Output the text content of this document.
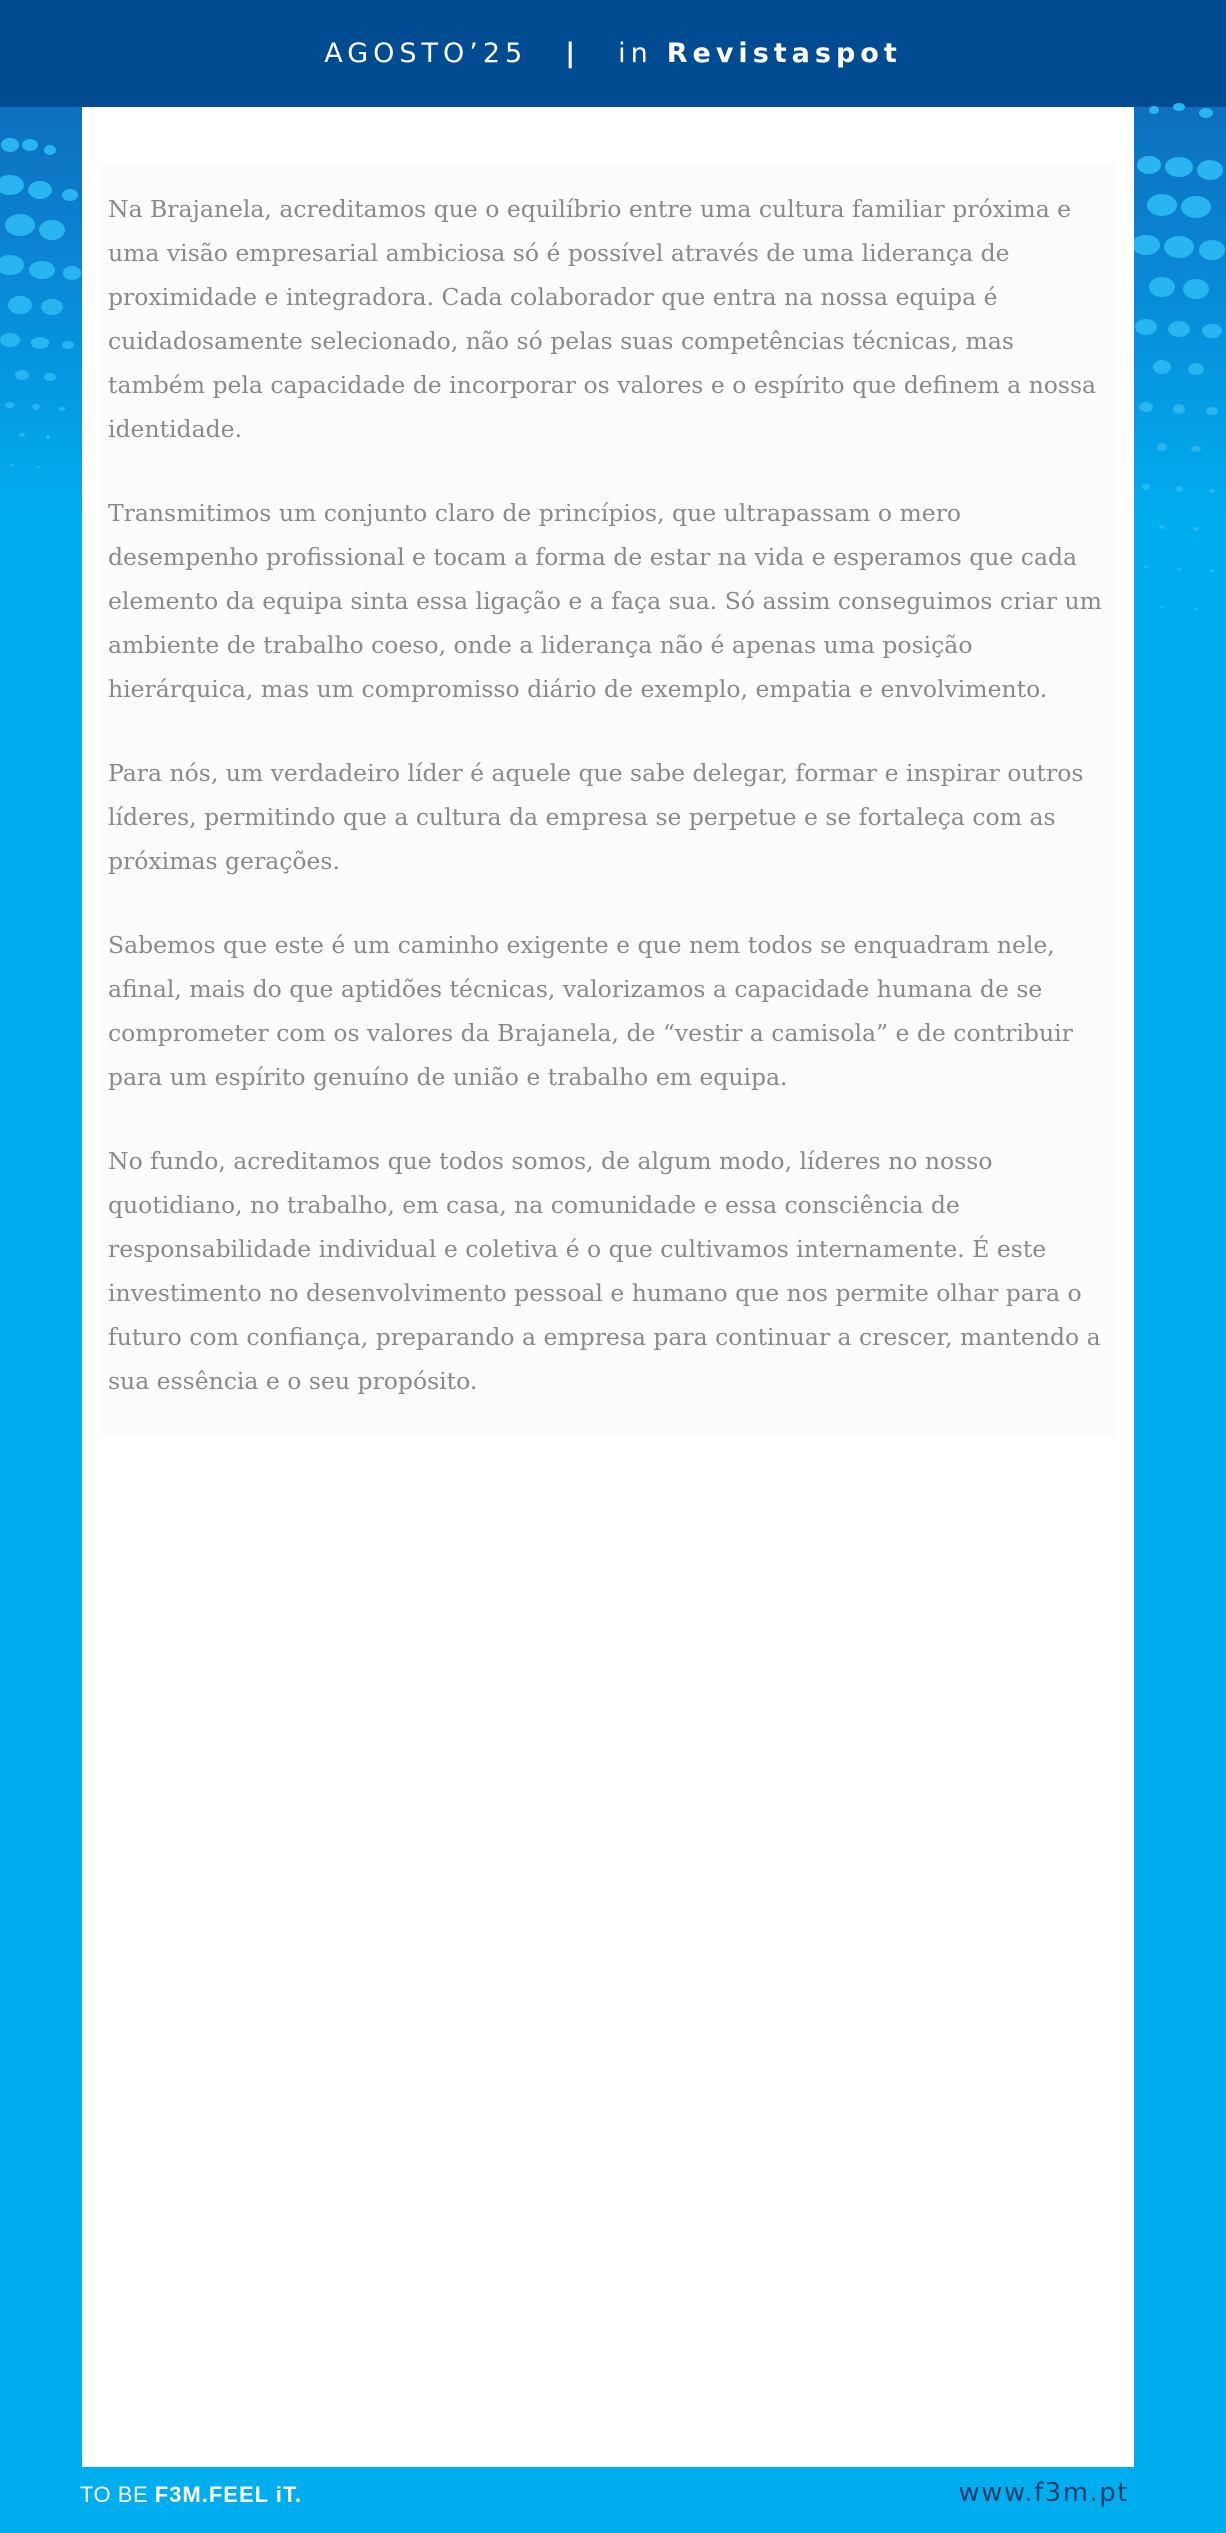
AGOSTO’25 | in Revistaspot

Na Brajanela, acreditamos que o equilíbrio entre uma cultura familiar próxima e uma visão empresarial ambiciosa só é possível através de uma liderança de proximidade e integradora. Cada colaborador que entra na nossa equipa é cuidadosamente selecionado, não só pelas suas competências técnicas, mas também pela capacidade de incorporar os valores e o espírito que definem a nossa identidade.

Transmitimos um conjunto claro de princípios, que ultrapassam o mero desempenho profissional e tocam a forma de estar na vida e esperamos que cada elemento da equipa sinta essa ligação e a faça sua. Só assim conseguimos criar um ambiente de trabalho coeso, onde a liderança não é apenas uma posição hierárquica, mas um compromisso diário de exemplo, empatia e envolvimento.

Para nós, um verdadeiro líder é aquele que sabe delegar, formar e inspirar outros líderes, permitindo que a cultura da empresa se perpetue e se fortaleça com as próximas gerações.

Sabemos que este é um caminho exigente e que nem todos se enquadram nele, afinal, mais do que aptidões técnicas, valorizamos a capacidade humana de se comprometer com os valores da Brajanela, de “vestir a camisola” e de contribuir para um espírito genuíno de união e trabalho em equipa.

No fundo, acreditamos que todos somos, de algum modo, líderes no nosso quotidiano, no trabalho, em casa, na comunidade e essa consciência de responsabilidade individual e coletiva é o que cultivamos internamente. É este investimento no desenvolvimento pessoal e humano que nos permite olhar para o futuro com confiança, preparando a empresa para continuar a crescer, mantendo a sua essência e o seu propósito.

TO BE F3M.FEEL iT.	www.f3m.pt
